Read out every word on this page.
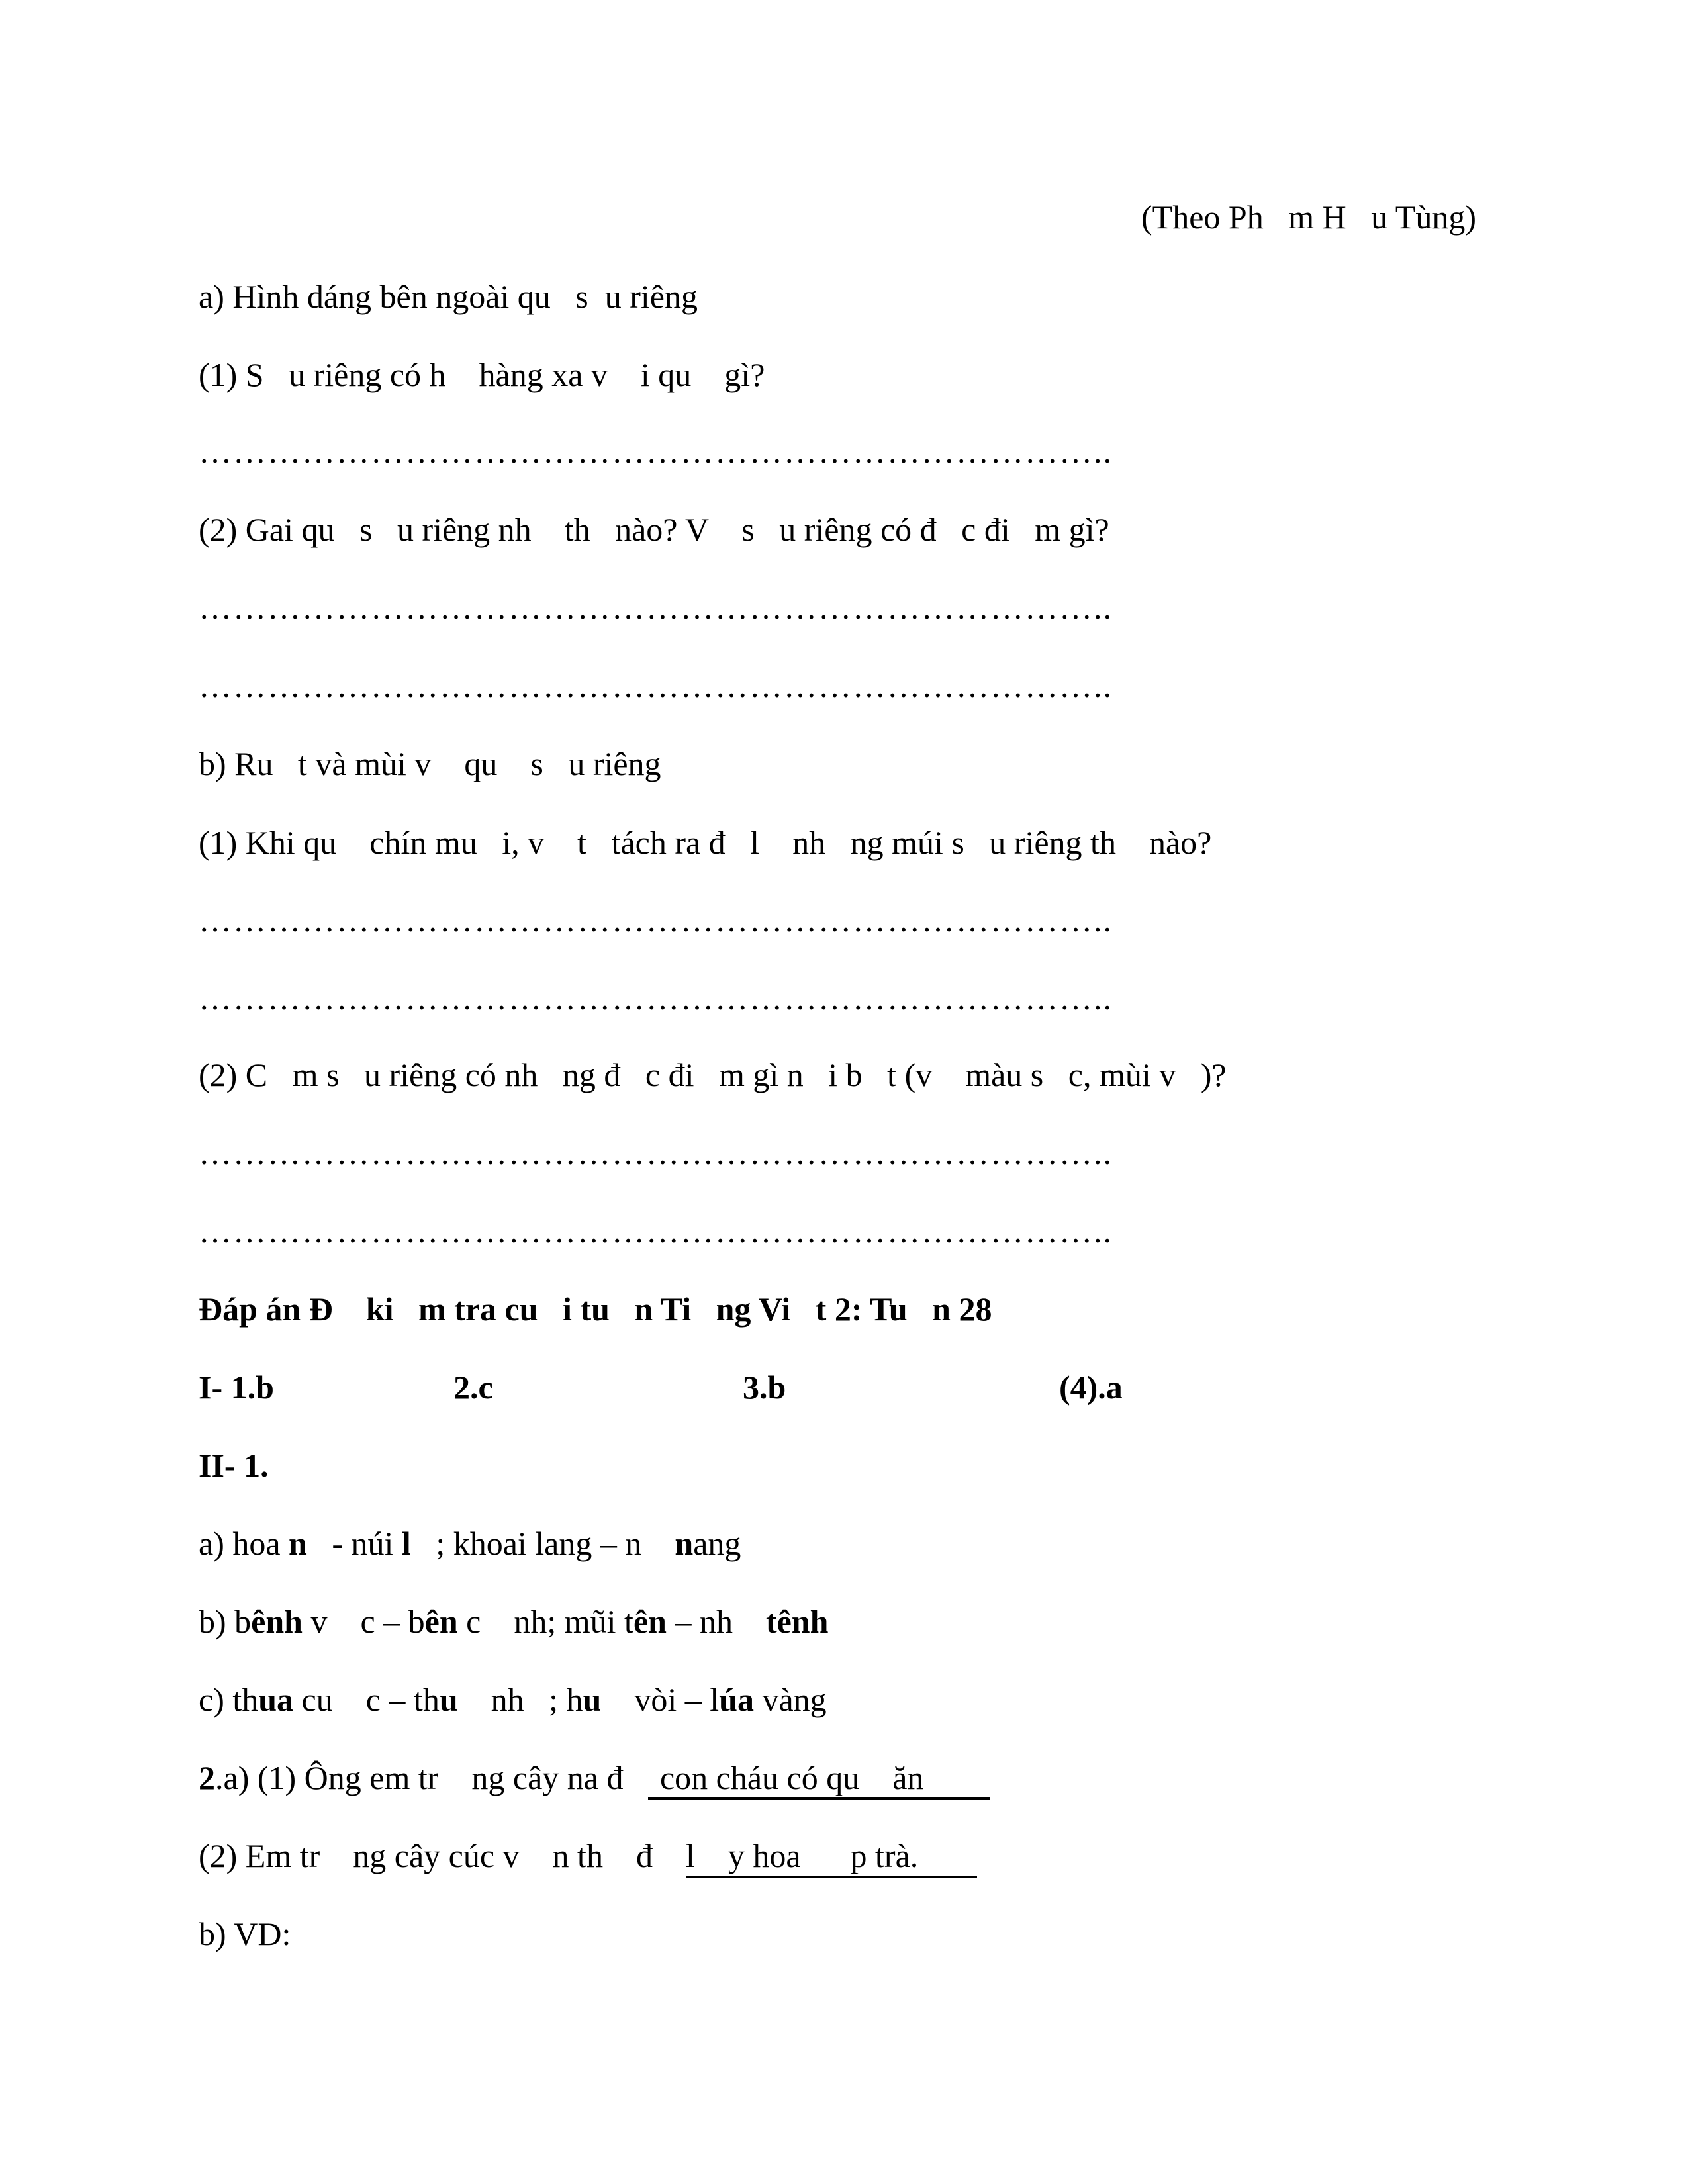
(Theo Ph   m H   u Tùng)
a) Hình dáng bên ngoài qu   s  u riêng
(1) S   u riêng có h    hàng xa v    i qu    gì?
……………………………………………………………………..
(2) Gai qu   s   u riêng nh    th   nào? V    s   u riêng có đ   c đi   m gì?
……………………………………………………………………..
……………………………………………………………………..
b) Ru   t và mùi v    qu    s   u riêng
(1) Khi qu    chín mu   i, v    t   tách ra đ   l    nh   ng múi s   u riêng th    nào?
……………………………………………………………………..
……………………………………………………………………..
(2) C   m s   u riêng có nh   ng đ   c đi   m gì n   i b   t (v    màu s   c, mùi v   )?
……………………………………………………………………..
……………………………………………………………………..
Đáp án Đ    ki   m tra cu   i tu   n Ti   ng Vi   t 2: Tu   n 28

I- 1.b

	2.c

	3.b

	(4).a

II- 1.
a) hoa n   - núi l   ; khoai lang – n    nang
b) bênh v    c – bên c    nh; mũi tên – nh    tênh
c) thua cu    c – thu    nh   ; hu    vòi – lúa vàng
2.a) (1) Ông em tr    ng cây na đ   con cháu có qu    ăn
(2) Em tr    ng cây cúc v    n th    đ    l    y hoa      p trà.
b) VD:
